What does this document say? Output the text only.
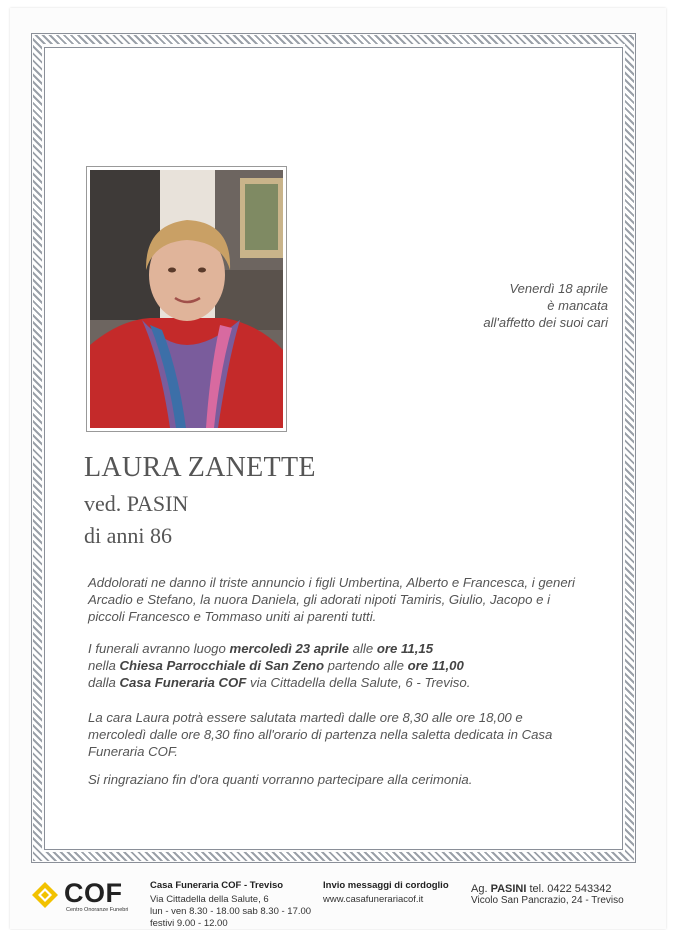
Venerdì 18 aprile
è mancata
all'affetto dei suoi cari
LAURA ZANETTE
ved. PASIN
di anni 86
Addolorati ne danno il triste annuncio i figli Umbertina, Alberto e Francesca, i generi Arcadio e Stefano, la nuora Daniela, gli adorati nipoti Tamiris, Giulio, Jacopo e i piccoli Francesco e Tommaso uniti ai parenti tutti.
I funerali avranno luogo mercoledì 23 aprile alle ore 11,15
nella Chiesa Parrocchiale di San Zeno partendo alle ore 11,00
dalla Casa Funeraria COF via Cittadella della Salute, 6 - Treviso.
La cara Laura potrà essere salutata martedì dalle ore 8,30 alle ore 18,00 e mercoledì dalle ore 8,30 fino all'orario di partenza nella saletta dedicata in Casa Funeraria COF.
Si ringraziano fin d'ora quanti vorranno partecipare alla cerimonia.
COF
Centro Onoranze Funebri
Casa Funeraria COF - Treviso
Via Cittadella della Salute, 6
lun - ven 8.30 - 18.00 sab 8.30 - 17.00
festivi 9.00 - 12.00
Invio messaggi di cordoglio
www.casafunerariacof.it
Ag. PASINI tel. 0422 543342
Vicolo San Pancrazio, 24 - Treviso
